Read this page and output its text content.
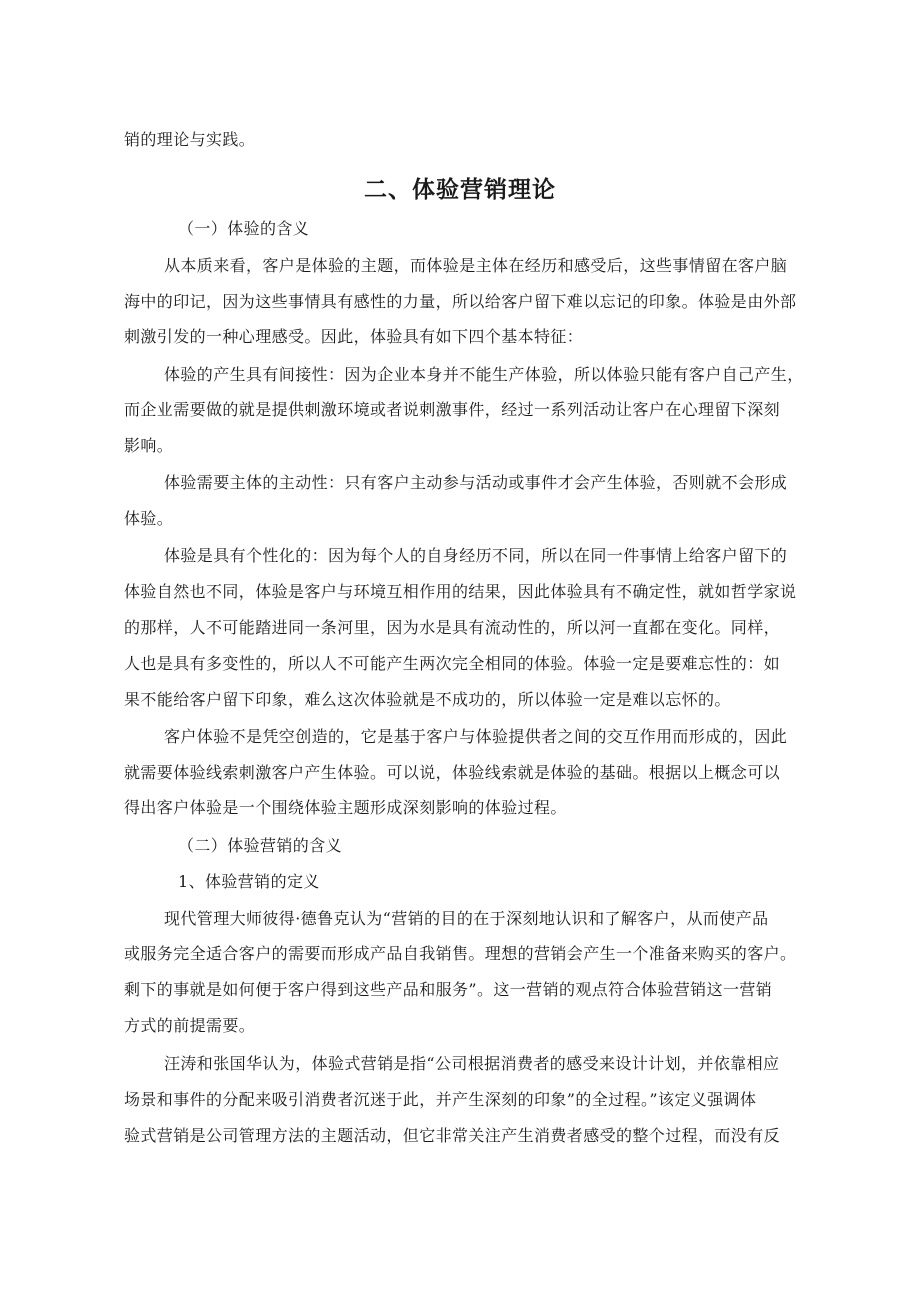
销的理论与实践。
二、体验营销理论
（一）体验的含义
从本质来看，客户是体验的主题，而体验是主体在经历和感受后，这些事情留在客户脑
海中的印记，因为这些事情具有感性的力量，所以给客户留下难以忘记的印象。体验是由外部
刺激引发的一种心理感受。因此，体验具有如下四个基本特征：
体验的产生具有间接性：因为企业本身并不能生产体验，所以体验只能有客户自己产生，
而企业需要做的就是提供刺激环境或者说刺激事件，经过一系列活动让客户在心理留下深刻
影响。
体验需要主体的主动性：只有客户主动参与活动或事件才会产生体验，否则就不会形成
体验。
体验是具有个性化的：因为每个人的自身经历不同，所以在同一件事情上给客户留下的
体验自然也不同，体验是客户与环境互相作用的结果，因此体验具有不确定性，就如哲学家说
的那样，人不可能踏进同一条河里，因为水是具有流动性的，所以河一直都在变化。同样，
人也是具有多变性的，所以人不可能产生两次完全相同的体验。体验一定是要难忘性的：如
果不能给客户留下印象，难么这次体验就是不成功的，所以体验一定是难以忘怀的。
客户体验不是凭空创造的，它是基于客户与体验提供者之间的交互作用而形成的，因此
就需要体验线索刺激客户产生体验。可以说，体验线索就是体验的基础。根据以上概念可以
得出客户体验是一个围绕体验主题形成深刻影响的体验过程。
（二）体验营销的含义
1、体验营销的定义
现代管理大师彼得·德鲁克认为“营销的目的在于深刻地认识和了解客户，从而使产品
或服务完全适合客户的需要而形成产品自我销售。理想的营销会产生一个准备来购买的客户。
剩下的事就是如何便于客户得到这些产品和服务”。这一营销的观点符合体验营销这一营销
方式的前提需要。
汪涛和张国华认为，体验式营销是指“公司根据消费者的感受来设计计划，并依靠相应
场景和事件的分配来吸引消费者沉迷于此，并产生深刻的印象”的全过程。”该定义强调体
验式营销是公司管理方法的主题活动，但它非常关注产生消费者感受的整个过程，而没有反
